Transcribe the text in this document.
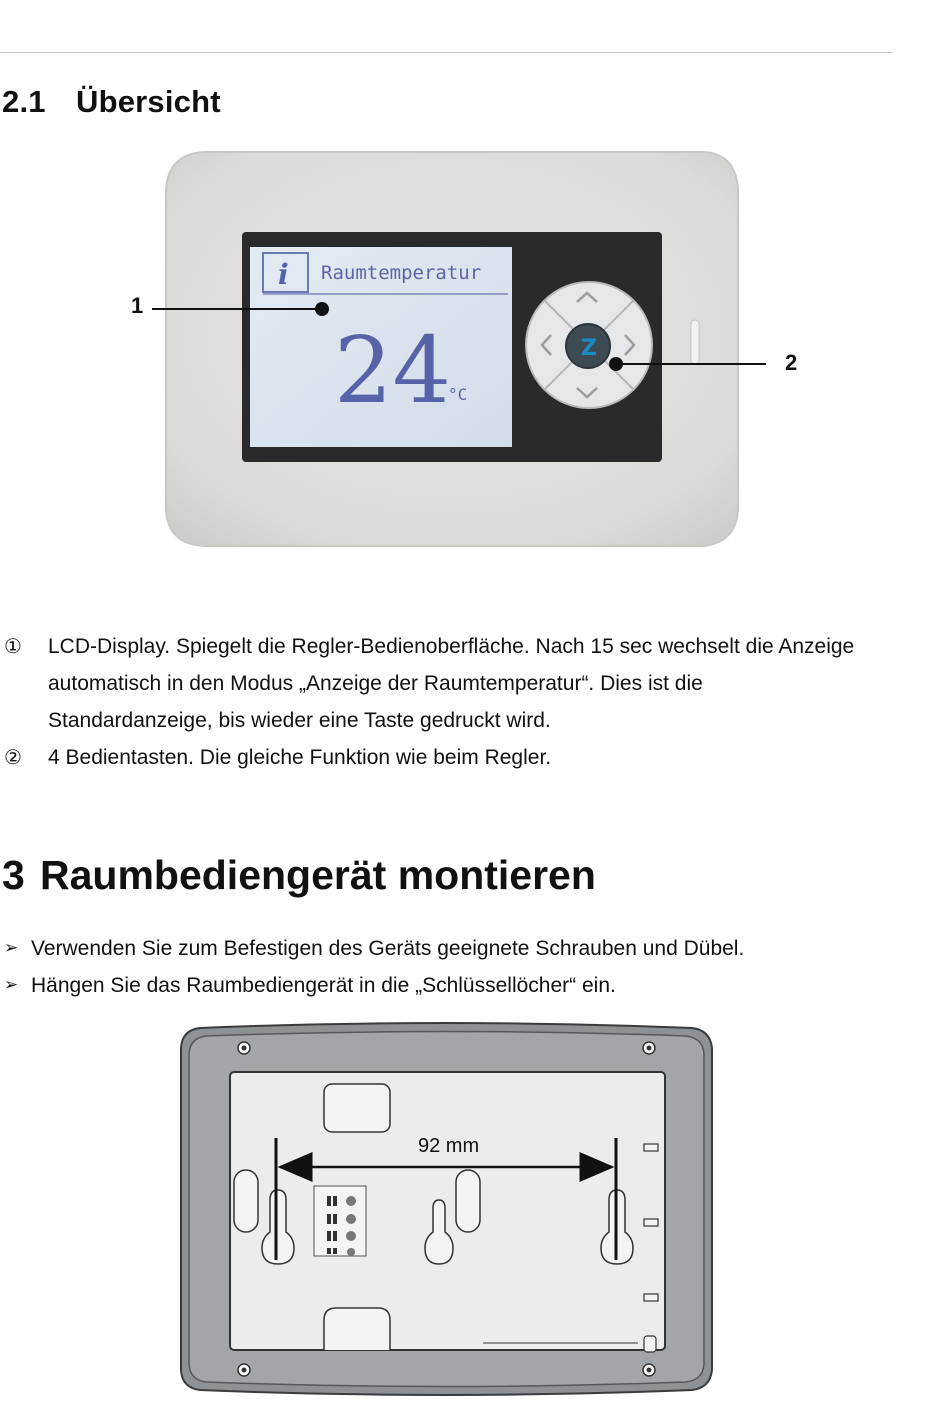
2.1 Übersicht
i Raumtemperatur
24
°C
Z
1
2
①	LCD-Display. Spiegelt die Regler-Bedienoberfläche. Nach 15 sec wechselt die Anzeige
automatisch in den Modus „Anzeige der Raumtemperatur“. Dies ist die
Standardanzeige, bis wieder eine Taste gedruckt wird.
②	4 Bedientasten. Die gleiche Funktion wie beim Regler.
3 Raumbediengerät montieren
➢ Verwenden Sie zum Befestigen des Geräts geeignete Schrauben und Dübel.
➢ Hängen Sie das Raumbediengerät in die „Schlüssellöcher“ ein.
92 mm
